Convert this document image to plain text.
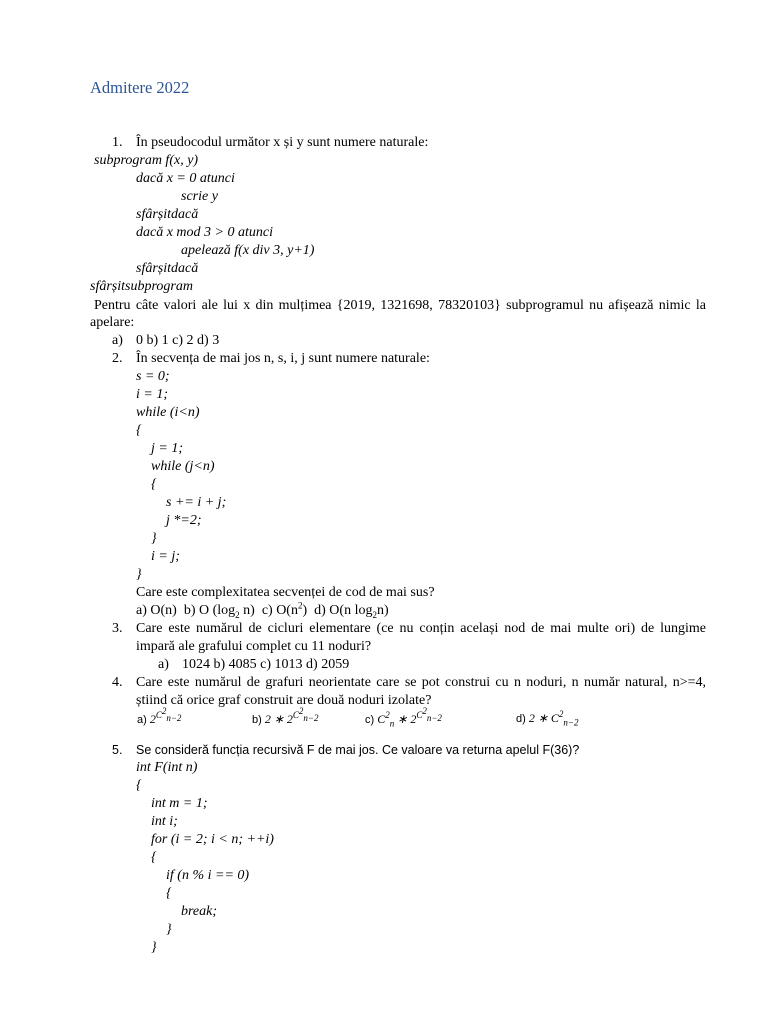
Admitere 2022
1. În pseudocodul următor x și y sunt numere naturale:
subprogram f(x, y)
dacă x = 0 atunci
scrie y
sfârșitdacă
dacă x mod 3 > 0 atunci
apelează f(x div 3, y+1)
sfârșitdacă
sfârșitsubprogram
Pentru câte valori ale lui x din mulțimea {2019, 1321698, 78320103} subprogramul nu afișează nimic la apelare:
a) 0 b) 1 c) 2 d) 3
2. În secvența de mai jos n, s, i, j sunt numere naturale:
s = 0;
i = 1;
while (i<n)
{
j = 1;
while (j<n)
{
s += i + j;
j *=2;
}
i = j;
}
Care este complexitatea secvenței de cod de mai sus?
a) O(n) b) O ($\log_2$ n) c) $O(n^2)$ d) O(n $\log_2n$)
3. Care este numărul de cicluri elementare (ce nu conțin același nod de mai multe ori) de lungime impară ale grafului complet cu 11 noduri?
a) 1024 b) 4085 c) 1013 d) 2059
4. Care este numărul de grafuri neorientate care se pot construi cu n noduri, n număr natural, n>=4, știind că orice graf construit are două noduri izolate?
a) $2^{C^2_{n-2}}$	b) 2 ∗ $2^{C^2_{n-2}}$	c) $C^2_n$ ∗ $2^{C^2_{n-2}}$	d) 2 ∗ $C^2_{n-2}$
5. Se consideră funcția recursivă F de mai jos. Ce valoare va returna apelul F(36)?
int F(int n)
{
int m = 1;
int i;
for (i = 2; i < n; ++i)
{
if (n % i == 0)
{
break;
}
}
